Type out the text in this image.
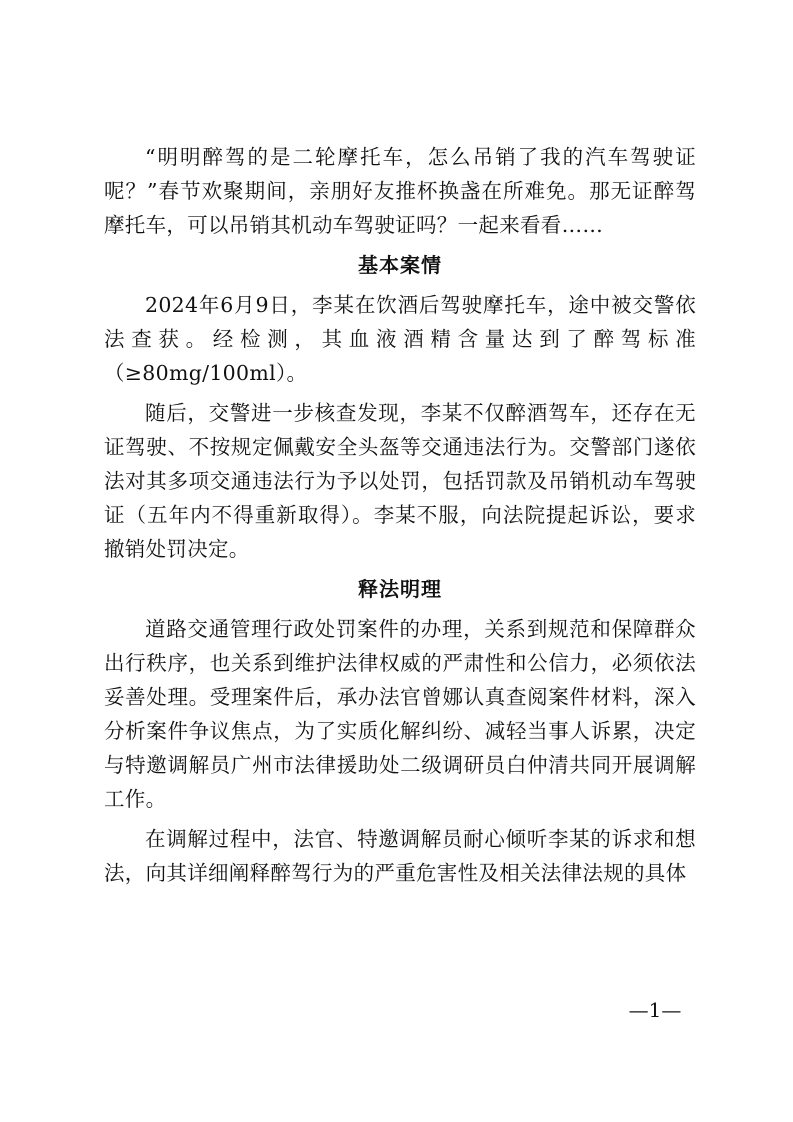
“明明醉驾的是二轮摩托车，怎么吊销了我的汽车驾驶证呢？”春节欢聚期间，亲朋好友推杯换盏在所难免。那无证醉驾摩托车，可以吊销其机动车驾驶证吗？一起来看看……

基本案情

2024年6月9日，李某在饮酒后驾驶摩托车，途中被交警依法查获。经检测，其血液酒精含量达到了醉驾标准（≥80mg/100ml）。

随后，交警进一步核查发现，李某不仅醉酒驾车，还存在无证驾驶、不按规定佩戴安全头盔等交通违法行为。交警部门遂依法对其多项交通违法行为予以处罚，包括罚款及吊销机动车驾驶证（五年内不得重新取得）。李某不服，向法院提起诉讼，要求撤销处罚决定。

释法明理

道路交通管理行政处罚案件的办理，关系到规范和保障群众出行秩序，也关系到维护法律权威的严肃性和公信力，必须依法妥善处理。受理案件后，承办法官曾娜认真查阅案件材料，深入分析案件争议焦点，为了实质化解纠纷、减轻当事人诉累，决定与特邀调解员广州市法律援助处二级调研员白仲清共同开展调解工作。

在调解过程中，法官、特邀调解员耐心倾听李某的诉求和想法，向其详细阐释醉驾行为的严重危害性及相关法律法规的具体

—1—
